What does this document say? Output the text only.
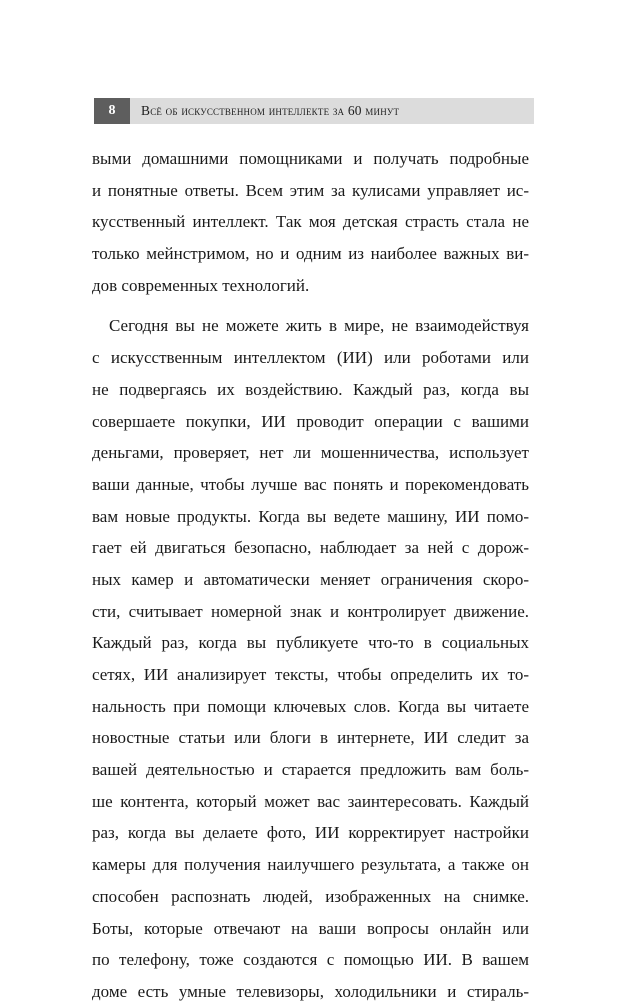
8	Всё об искусственном интеллекте за 60 минут
выми домашними помощниками и получать подробные
и понятные ответы. Всем этим за кулисами управляет ис-
кусственный интеллект. Так моя детская страсть стала не
только мейнстримом, но и одним из наиболее важных ви-
дов современных технологий.
Сегодня вы не можете жить в мире, не взаимодействуя
с искусственным интеллектом (ИИ) или роботами или
не подвергаясь их воздействию. Каждый раз, когда вы
совершаете покупки, ИИ проводит операции с вашими
деньгами, проверяет, нет ли мошенничества, использует
ваши данные, чтобы лучше вас понять и порекомендовать
вам новые продукты. Когда вы ведете машину, ИИ помо-
гает ей двигаться безопасно, наблюдает за ней с дорож-
ных камер и автоматически меняет ограничения скоро-
сти, считывает номерной знак и контролирует движение.
Каждый раз, когда вы публикуете что-то в социальных
сетях, ИИ анализирует тексты, чтобы определить их то-
нальность при помощи ключевых слов. Когда вы читаете
новостные статьи или блоги в интернете, ИИ следит за
вашей деятельностью и старается предложить вам боль-
ше контента, который может вас заинтересовать. Каждый
раз, когда вы делаете фото, ИИ корректирует настройки
камеры для получения наилучшего результата, а также он
способен распознать людей, изображенных на снимке.
Боты, которые отвечают на ваши вопросы онлайн или
по телефону, тоже создаются с помощью ИИ. В вашем
доме есть умные телевизоры, холодильники и стираль-
